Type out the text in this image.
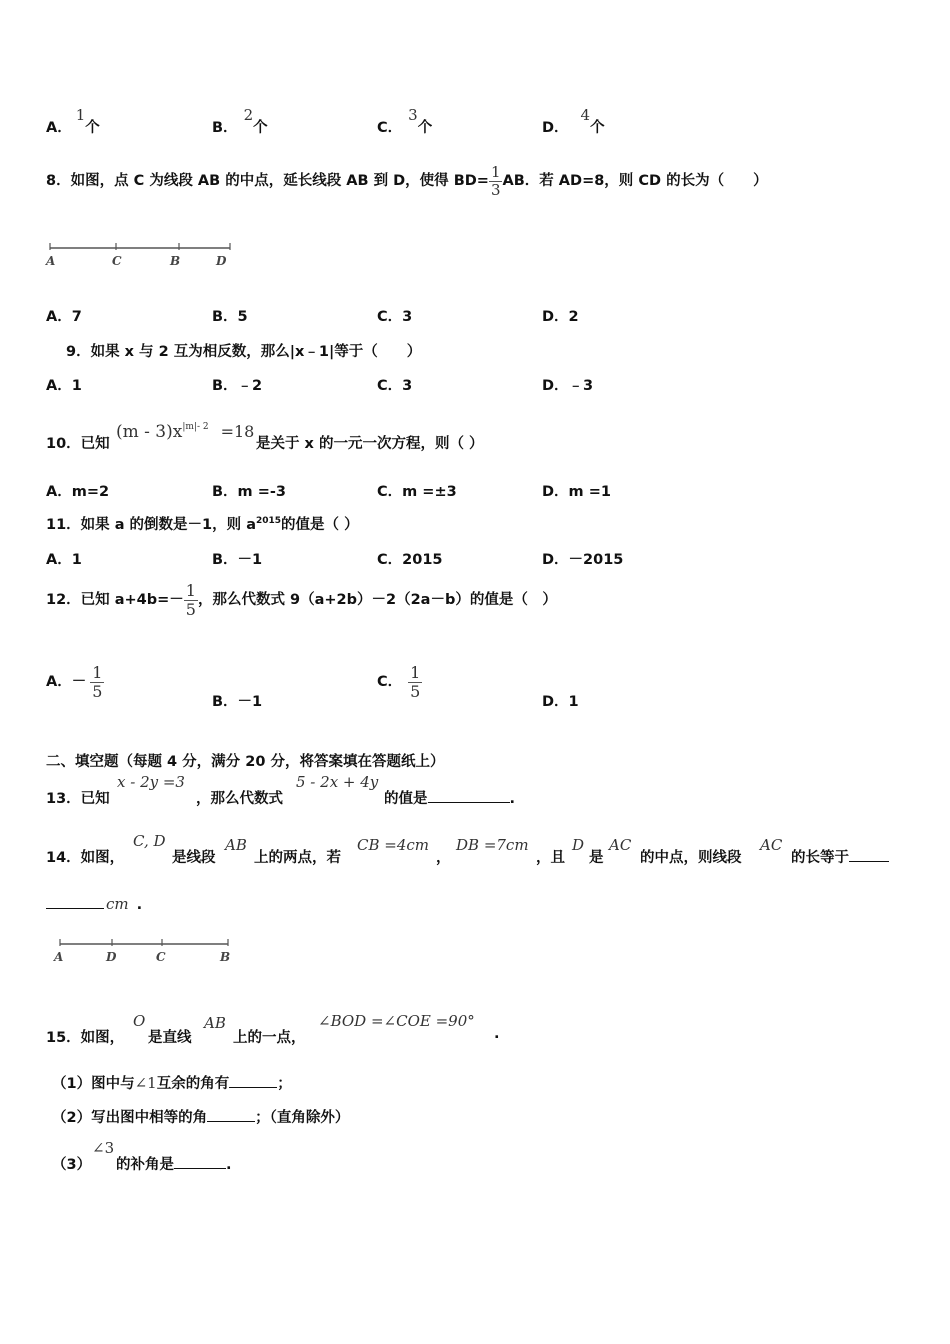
A．1个	B．2个	C．3个	D．4个
8．如图，点 C 为线段 AB 的中点，延长线段 AB 到 D，使得 $BD= \frac{1}{3}$ AB．若 AD=8，则 CD 的长为（　　）
A	C	B	D
A．7	B．5	C．3	D．2
9．如果 x 与 2 互为相反数，那么|x﹣1|等于（　　）
A．1	B．﹣2	C．3	D．﹣3
10．已知
$(m - 3)x^{|m|- 2} =18$
是关于 x 的一元一次方程，则（ ）
A．m=2	B．m =-3	C．m =±3	D．m =1
11．如果 a 的倒数是－1，则 $a^{2015}$的值是（ ）
A．1	B．－1	C．2015	D．－2015
12．已知 $a+4b=- \frac{1}{5}$ ，那么代数式 9（a+2b）－2（2a－b）的值是（　）
A．－ $\frac{1}{5}$
B．－1
C． $\frac{1}{5}$
D．1
二、填空题（每题 4 分，满分 20 分，将答案填在答题纸上）
13．已知
x - 2y =3
，那么代数式
5 - 2x + 4y
的值是	.
14．如图，
C, D
是线段
AB
上的两点，若
CB =4cm
，
DB =7cm
，且
D
是
AC
的中点，则线段
AC
的长等于
cm .
A	D	C	B
15．如图，
O
是直线
AB
上的一点，
∠BOD =∠COE =90°
.
（1）图中与∠1互余的角有	；
（2）写出图中相等的角	；（直角除外）
（3）
∠3
的补角是	.
